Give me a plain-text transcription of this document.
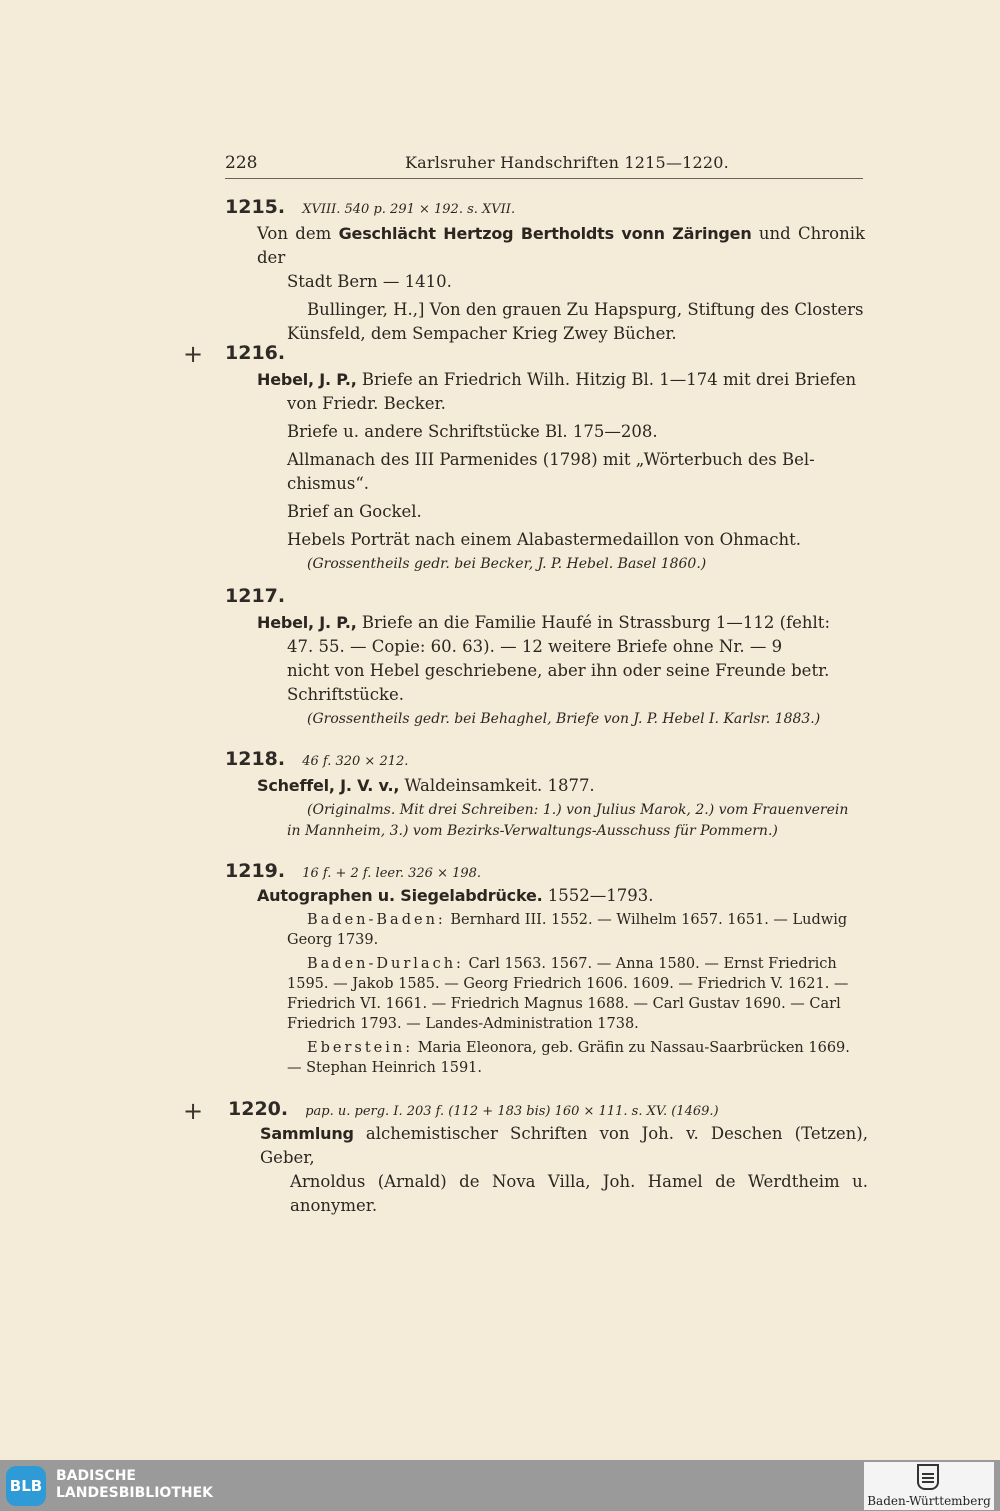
228	Karlsruher Handschriften 1215—1220.
1215. XVIII. 540 p. 291 ⨯ 192. s. XVII.
Von dem Geschlächt Hertzog Bertholdts vonn Zäringen und Chronik der
Stadt Bern — 1410.
Bullinger, H.,] Von den grauen Zu Hapspurg, Stiftung des Closters
Künsfeld, dem Sempacher Krieg Zwey Bücher.
+ 1216.
Hebel, J. P., Briefe an Friedrich Wilh. Hitzig Bl. 1—174 mit drei Briefen
von Friedr. Becker.
Briefe u. andere Schriftstücke Bl. 175—208.
Allmanach des III Parmenides (1798) mit „Wörterbuch des Bel-
chismus“.
Brief an Gockel.
Hebels Porträt nach einem Alabastermedaillon von Ohmacht.
(Grossentheils gedr. bei Becker, J. P. Hebel. Basel 1860.)
1217.
Hebel, J. P., Briefe an die Familie Haufé in Strassburg 1—112 (fehlt:
47. 55. — Copie: 60. 63). — 12 weitere Briefe ohne Nr. — 9
nicht von Hebel geschriebene, aber ihn oder seine Freunde betr.
Schriftstücke.
(Grossentheils gedr. bei Behaghel, Briefe von J. P. Hebel I. Karlsr. 1883.)
1218. 46 f. 320 ⨯ 212.
Scheffel, J. V. v., Waldeinsamkeit. 1877.
(Originalms. Mit drei Schreiben: 1.) von Julius Marok, 2.) vom Frauenverein
in Mannheim, 3.) vom Bezirks-Verwaltungs-Ausschuss für Pommern.)
1219. 16 f. + 2 f. leer. 326 ⨯ 198.
Autographen u. Siegelabdrücke. 1552—1793.
Baden-Baden: Bernhard III. 1552. — Wilhelm 1657. 1651. — Ludwig
Georg 1739.
Baden-Durlach: Carl 1563. 1567. — Anna 1580. — Ernst Friedrich
1595. — Jakob 1585. — Georg Friedrich 1606. 1609. — Friedrich V. 1621. —
Friedrich VI. 1661. — Friedrich Magnus 1688. — Carl Gustav 1690. — Carl
Friedrich 1793. — Landes-Administration 1738.
Eberstein: Maria Eleonora, geb. Gräfin zu Nassau-Saarbrücken 1669.
— Stephan Heinrich 1591.
+ 1220. pap. u. perg. I. 203 f. (112 + 183 bis) 160 ⨯ 111. s. XV. (1469.)
Sammlung alchemistischer Schriften von Joh. v. Deschen (Tetzen), Geber,
Arnoldus (Arnald) de Nova Villa, Joh. Hamel de Werdtheim u. anonymer.
BLB
BADISCHE
LANDESBIBLIOTHEK	Baden-Württemberg
